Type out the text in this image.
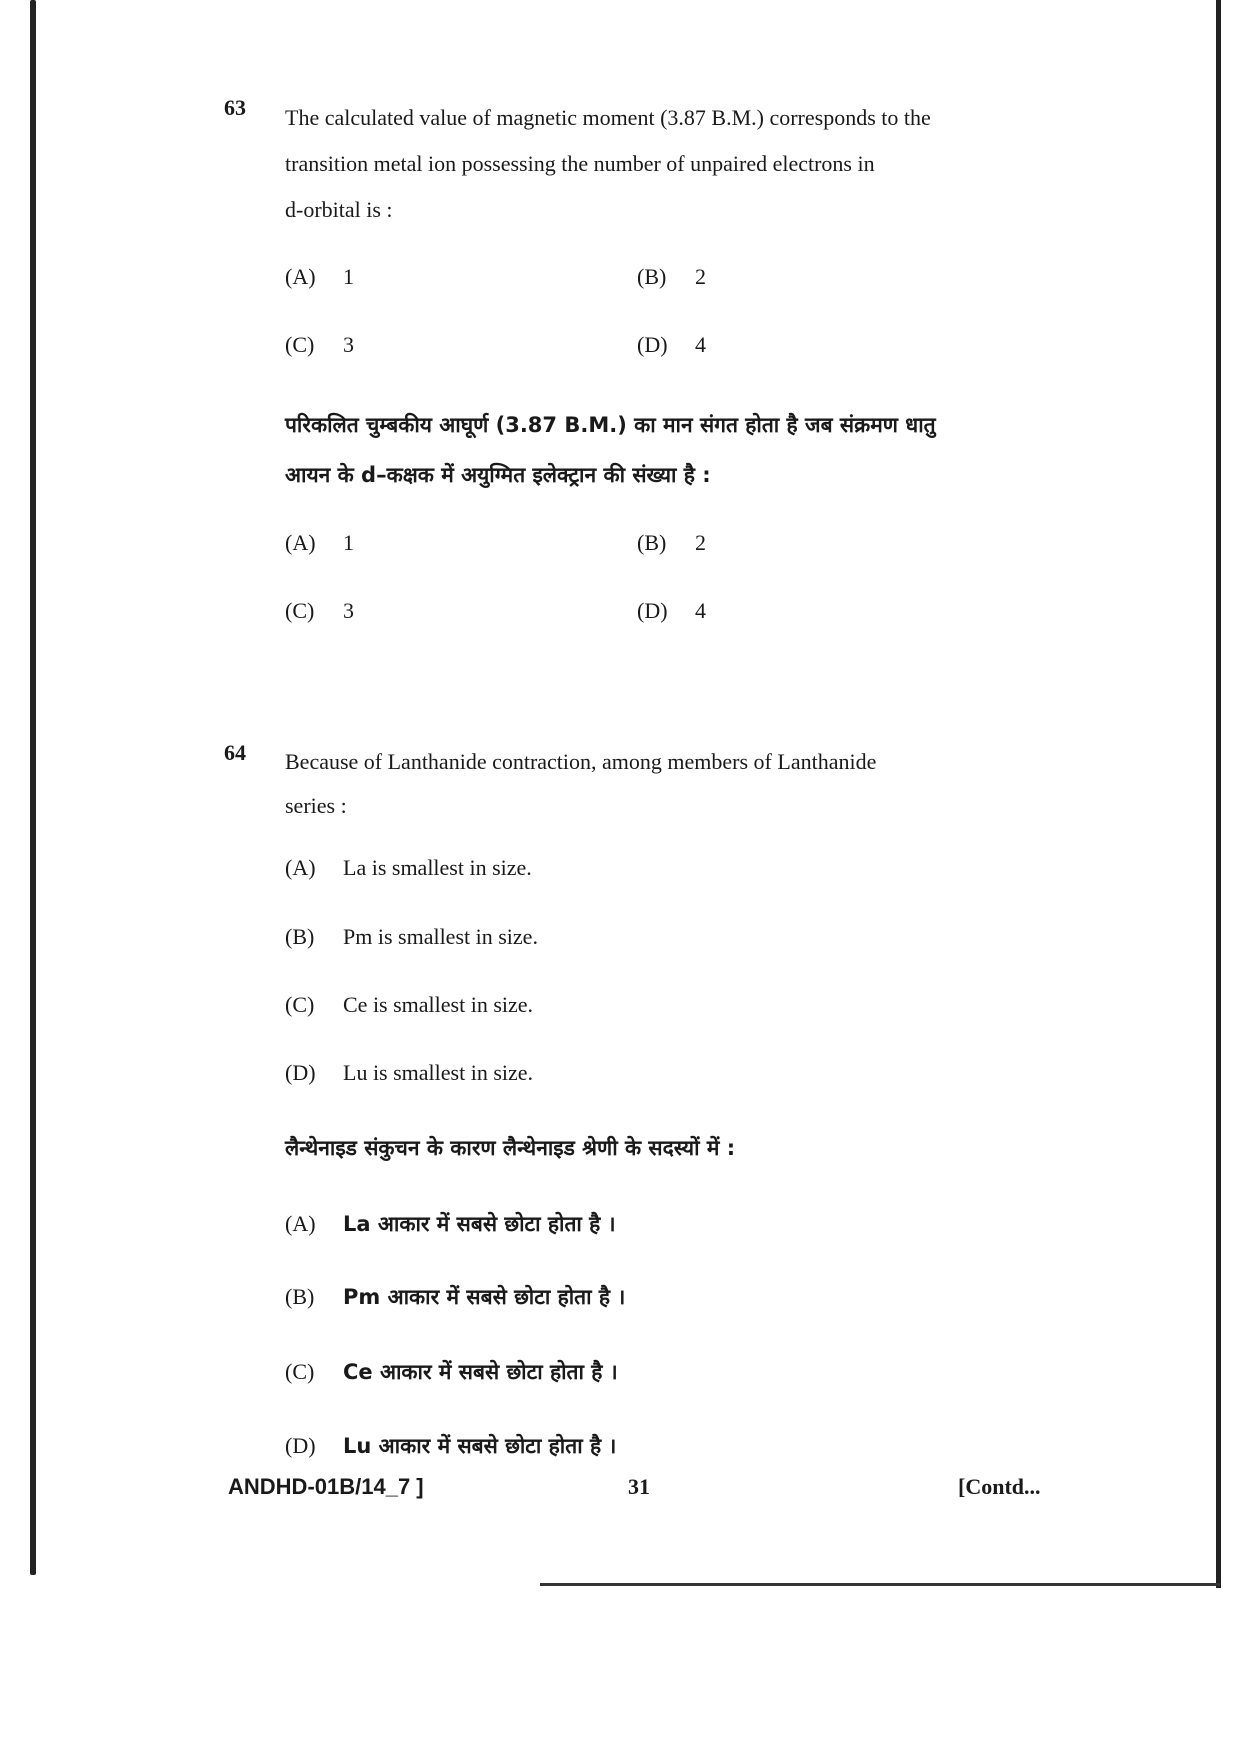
63 The calculated value of magnetic moment (3.87 B.M.) corresponds to the
transition metal ion possessing the number of unpaired electrons in
d-orbital is :
(A) 1	(B) 2
(C) 3	(D) 4
परिकलित चुम्बकीय आघूर्ण (3.87 B.M.) का मान संगत होता है जब संक्रमण धातु
आयन के d–कक्षक में अयुग्मित इलेक्ट्रान की संख्या है :
(A) 1	(B) 2
(C) 3	(D) 4
64 Because of Lanthanide contraction, among members of Lanthanide
series :
(A) La is smallest in size.
(B) Pm is smallest in size.
(C) Ce is smallest in size.
(D) Lu is smallest in size.
लैन्थेनाइड संकुचन के कारण लैन्थेनाइड श्रेणी के सदस्यों में :
(A) La आकार में सबसे छोटा होता है ।
(B) Pm आकार में सबसे छोटा होता है ।
(C) Ce आकार में सबसे छोटा होता है ।
(D) Lu आकार में सबसे छोटा होता है ।
ANDHD-01B/14_7 ]	31	[Contd...
